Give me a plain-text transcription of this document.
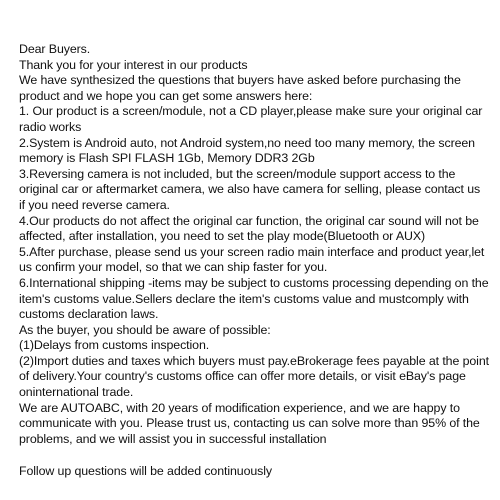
Dear Buyers.

Thank you for your interest in our products

We have synthesized the questions that buyers have asked before purchasing the product and we hope you can get some answers here:

1. Our product is a screen/module, not a CD player,please make sure your original car radio works

2.System is Android auto, not Android system,no need too many memory, the screen memory is Flash SPI FLASH 1Gb, Memory DDR3 2Gb

3.Reversing camera is not included, but the screen/module support access to the original car or aftermarket camera, we also have camera for selling, please contact us if you need reverse camera.

4.Our products do not affect the original car function, the original car sound will not be affected, after installation, you need to set the play mode(Bluetooth or AUX)

5.After purchase, please send us your screen radio main interface and product year,let us confirm your model, so that we can ship faster for you.

6.International shipping -items may be subject to customs processing depending on the item's customs value.Sellers declare the item's customs value and mustcomply with customs declaration laws.

As the buyer, you should be aware of possible:

(1)Delays from customs inspection.

(2)Import duties and taxes which buyers must pay.eBrokerage fees payable at the point of delivery.Your country's customs office can offer more details, or visit eBay's page oninternational trade.

We are AUTOABC, with 20 years of modification experience, and we are happy to communicate with you. Please trust us, contacting us can solve more than 95% of the problems, and we will assist you in successful installation

Follow up questions will be added continuously
